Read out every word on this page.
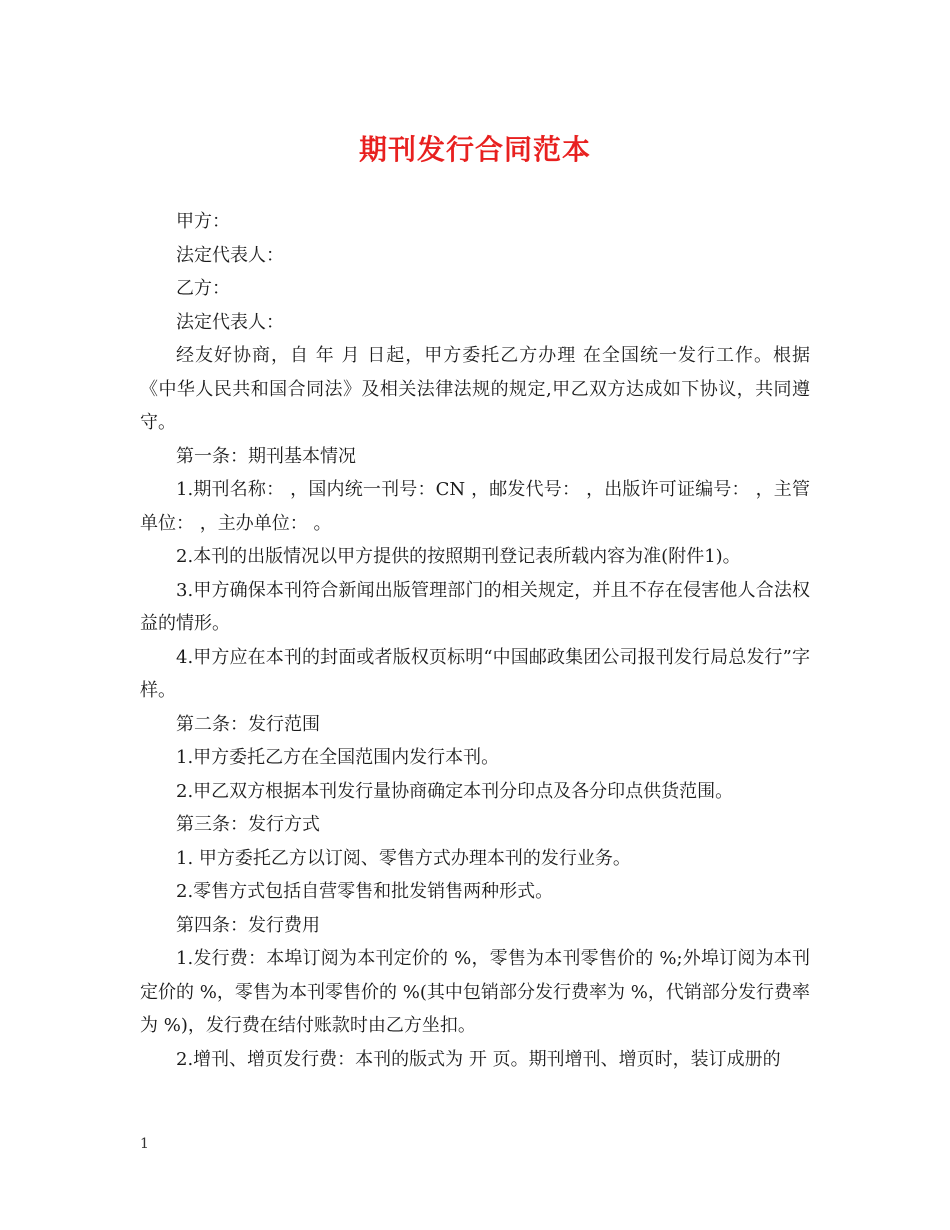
期刊发行合同范本

甲方：

法定代表人：

乙方：

法定代表人：

经友好协商，自 年 月 日起，甲方委托乙方办理 在全国统一发行工作。根据《中华人民共和国合同法》及相关法律法规的规定,甲乙双方达成如下协议，共同遵守。

第一条：期刊基本情况

1.期刊名称： ，国内统一刊号：CN ，邮发代号： ，出版许可证编号： ，主管单位： ，主办单位： 。

2.本刊的出版情况以甲方提供的按照期刊登记表所载内容为准(附件1)。

3.甲方确保本刊符合新闻出版管理部门的相关规定，并且不存在侵害他人合法权益的情形。

4.甲方应在本刊的封面或者版权页标明“中国邮政集团公司报刊发行局总发行”字样。

第二条：发行范围

1.甲方委托乙方在全国范围内发行本刊。

2.甲乙双方根据本刊发行量协商确定本刊分印点及各分印点供货范围。

第三条：发行方式

1. 甲方委托乙方以订阅、零售方式办理本刊的发行业务。

2.零售方式包括自营零售和批发销售两种形式。

第四条：发行费用

1.发行费：本埠订阅为本刊定价的 %，零售为本刊零售价的 %;外埠订阅为本刊定价的 %，零售为本刊零售价的 %(其中包销部分发行费率为 %，代销部分发行费率为 %)，发行费在结付账款时由乙方坐扣。

2.增刊、增页发行费：本刊的版式为 开 页。期刊增刊、增页时，装订成册的

1
